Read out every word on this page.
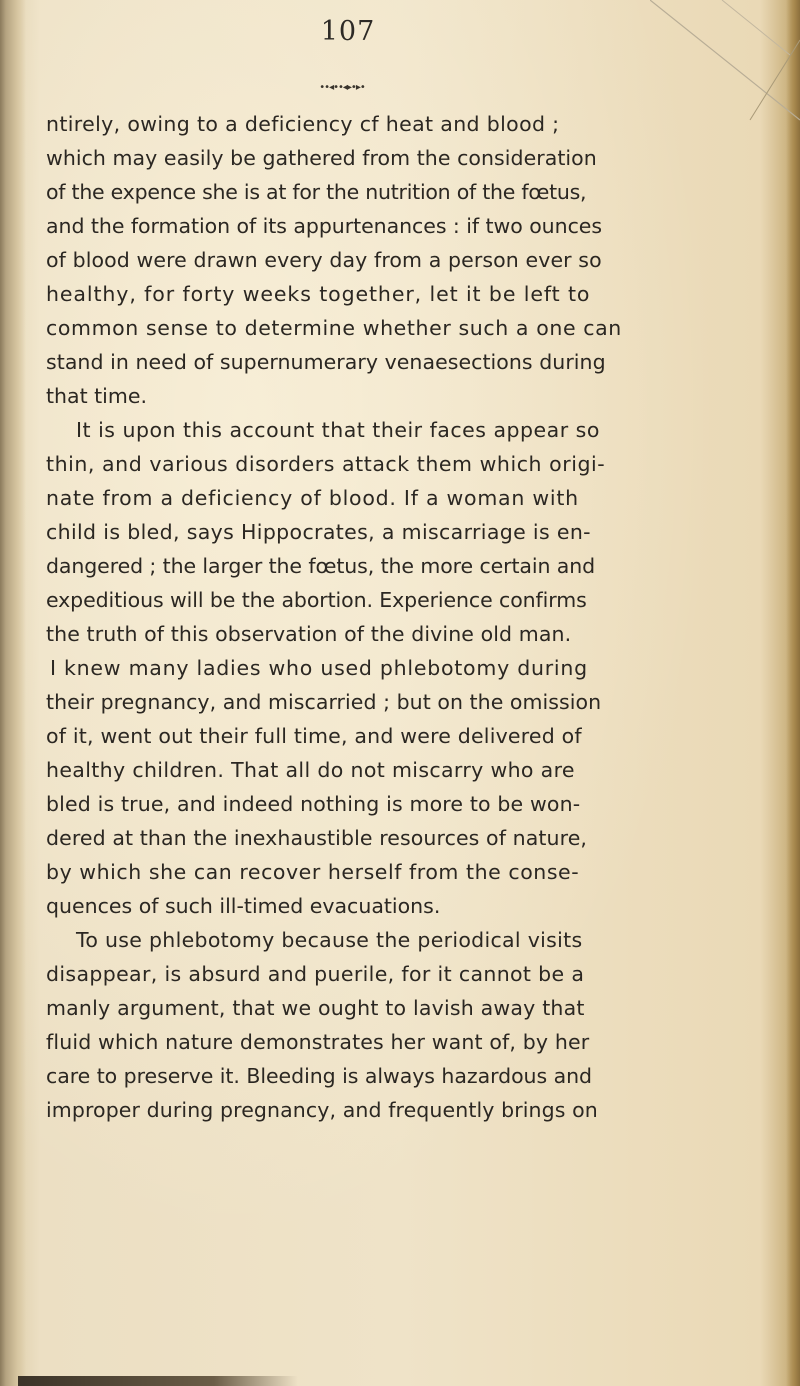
107
••◂••◂▸•▸•
ntirely, owing to a deficiency cf heat and blood ;
which may easily be gathered from the consideration
of the expence she is at for the nutrition of the fœtus,
and the formation of its appurtenances : if two ounces
of blood were drawn every day from a person ever so
healthy, for forty weeks together, let it be left to
common sense to determine whether such a one can
stand in need of supernumerary venaesections during
that time.
It is upon this account that their faces appear so
thin, and various disorders attack them which origi-
nate from a deficiency of blood. If a woman with
child is bled, says Hippocrates, a miscarriage is en-
dangered ; the larger the fœtus, the more certain and
expeditious will be the abortion. Experience confirms
the truth of this observation of the divine old man.
I knew many ladies who used phlebotomy during
their pregnancy, and miscarried ; but on the omission
of it, went out their full time, and were delivered of
healthy children. That all do not miscarry who are
bled is true, and indeed nothing is more to be won-
dered at than the inexhaustible resources of nature,
by which she can recover herself from the conse-
quences of such ill-timed evacuations.
To use phlebotomy because the periodical visits
disappear, is absurd and puerile, for it cannot be a
manly argument, that we ought to lavish away that
fluid which nature demonstrates her want of, by her
care to preserve it. Bleeding is always hazardous and
improper during pregnancy, and frequently brings on
